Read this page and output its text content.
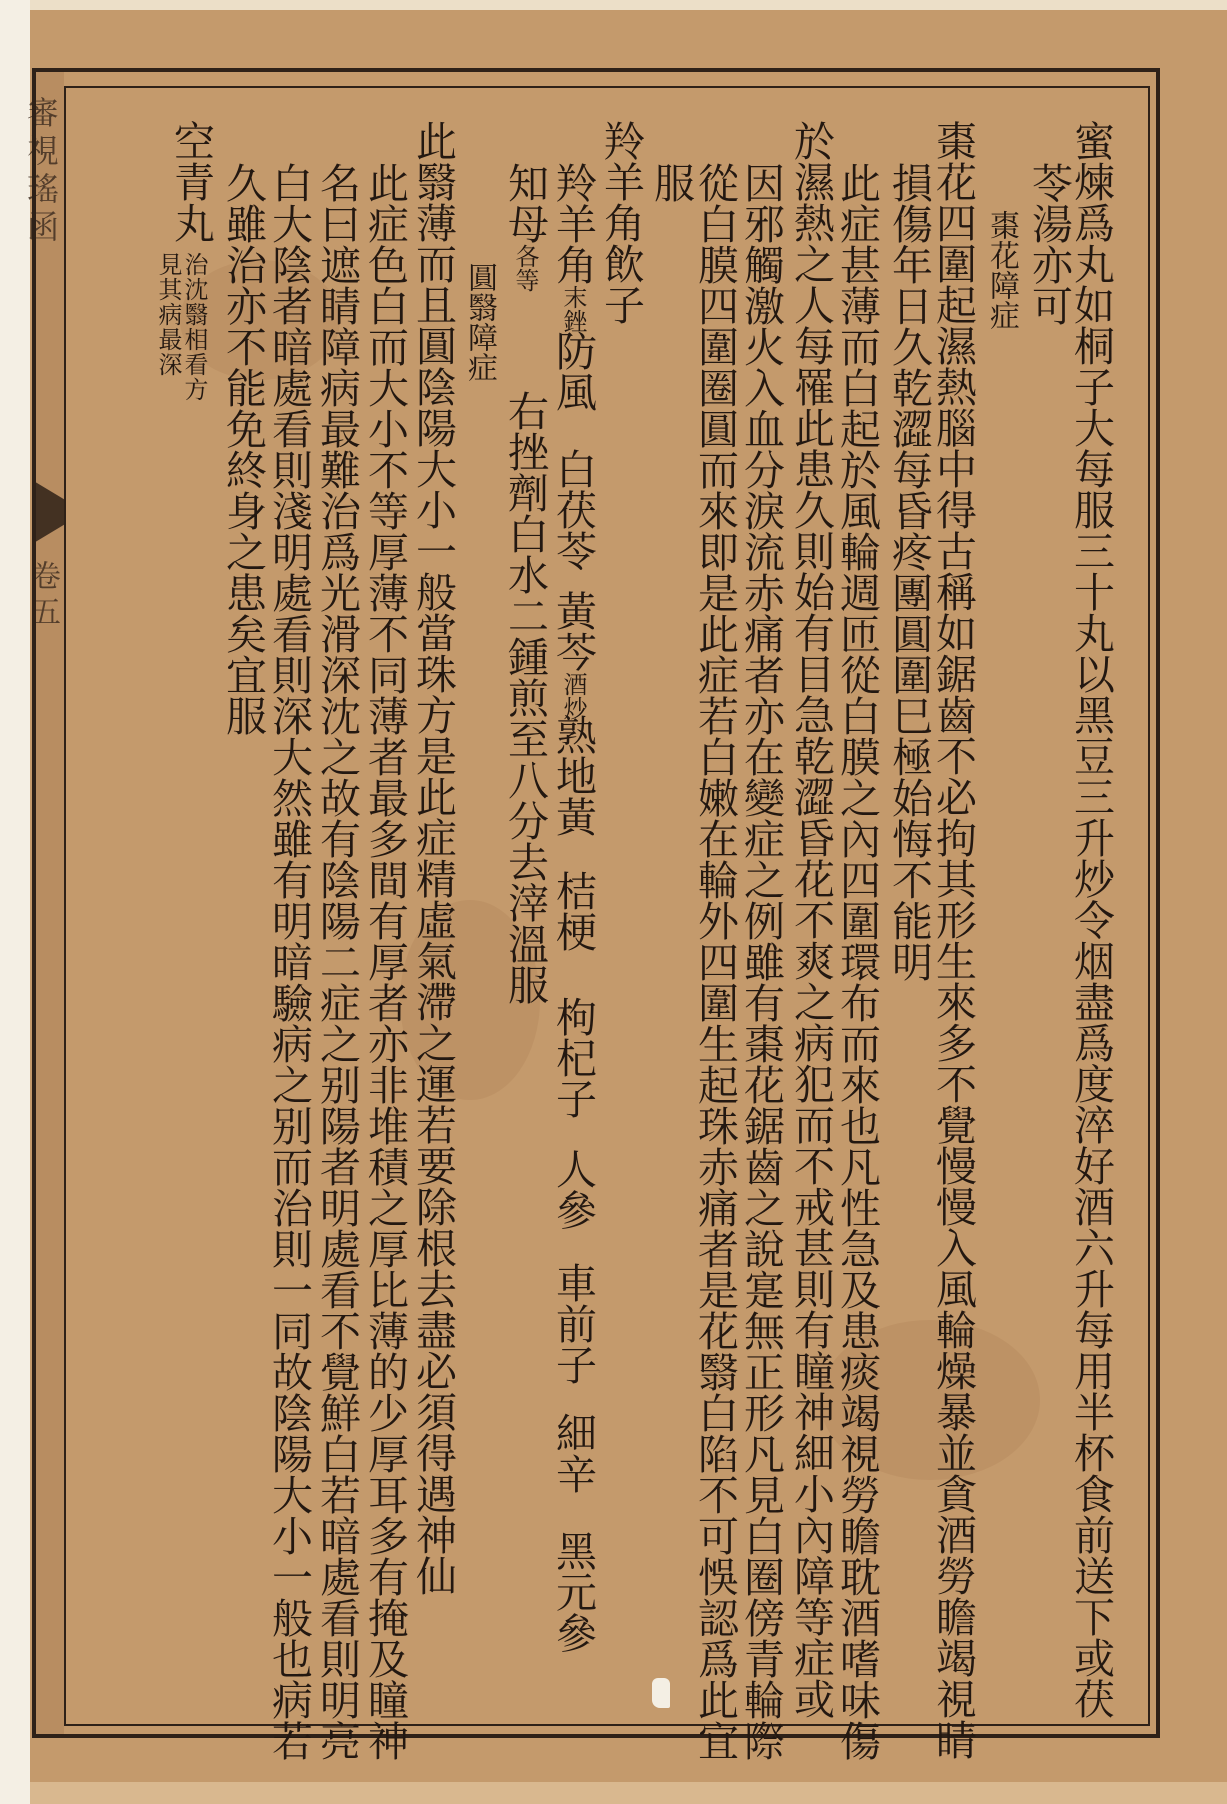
審視瑤函
卷五	蜜煉爲丸如桐子大每服三十丸以黑豆三升炒令烟盡爲度淬好酒六升每用半杯食前送下或茯
苓湯亦可
棗花障症
棗花四圍起濕熱腦中得古稱如鋸齒不必拘其形生來多不覺慢慢入風輪燥暴並貪酒勞瞻竭視睛
損傷年日久乾澀每昏疼團圓圍巳極始悔不能明
此症甚薄而白起於風輪週匝從白膜之內四圍環布而來也凡性急及患痰竭視勞瞻耽酒嗜味傷
於濕熱之人每罹此患久則始有目急乾澀昏花不爽之病犯而不戒甚則有瞳神細小內障等症或
因邪觸激火入血分淚流赤痛者亦在變症之例雖有棗花鋸齒之說寔無正形凡見白圈傍青輪際
從白膜四圍圈圓而來即是此症若白嫩在輪外四圍生起珠赤痛者是花翳白陷不可悞認爲此宜
服
羚羊角飲子
羚羊角末銼
防風
白茯苓
黃芩酒炒
熟地黃
桔梗
枸杞子
人參
車前子
細辛
黑元參
知母各等
右挫劑白水二鍾煎至八分去滓溫服
圓翳障症
此翳薄而且圓陰陽大小一般當珠方是此症精虛氣滯之運若要除根去盡必須得遇神仙
此症色白而大小不等厚薄不同薄者最多間有厚者亦非堆積之厚比薄的少厚耳多有掩及瞳神
名曰遮睛障病最難治爲光滑深沈之故有陰陽二症之别陽者明處看不覺鮮白若暗處看則明亮
白大陰者暗處看則淺明處看則深大然雖有明暗驗病之别而治則一同故陰陽大小一般也病若
久雖治亦不能免終身之患矣宜服
空青丸
治沈翳相看方
見其病最深
